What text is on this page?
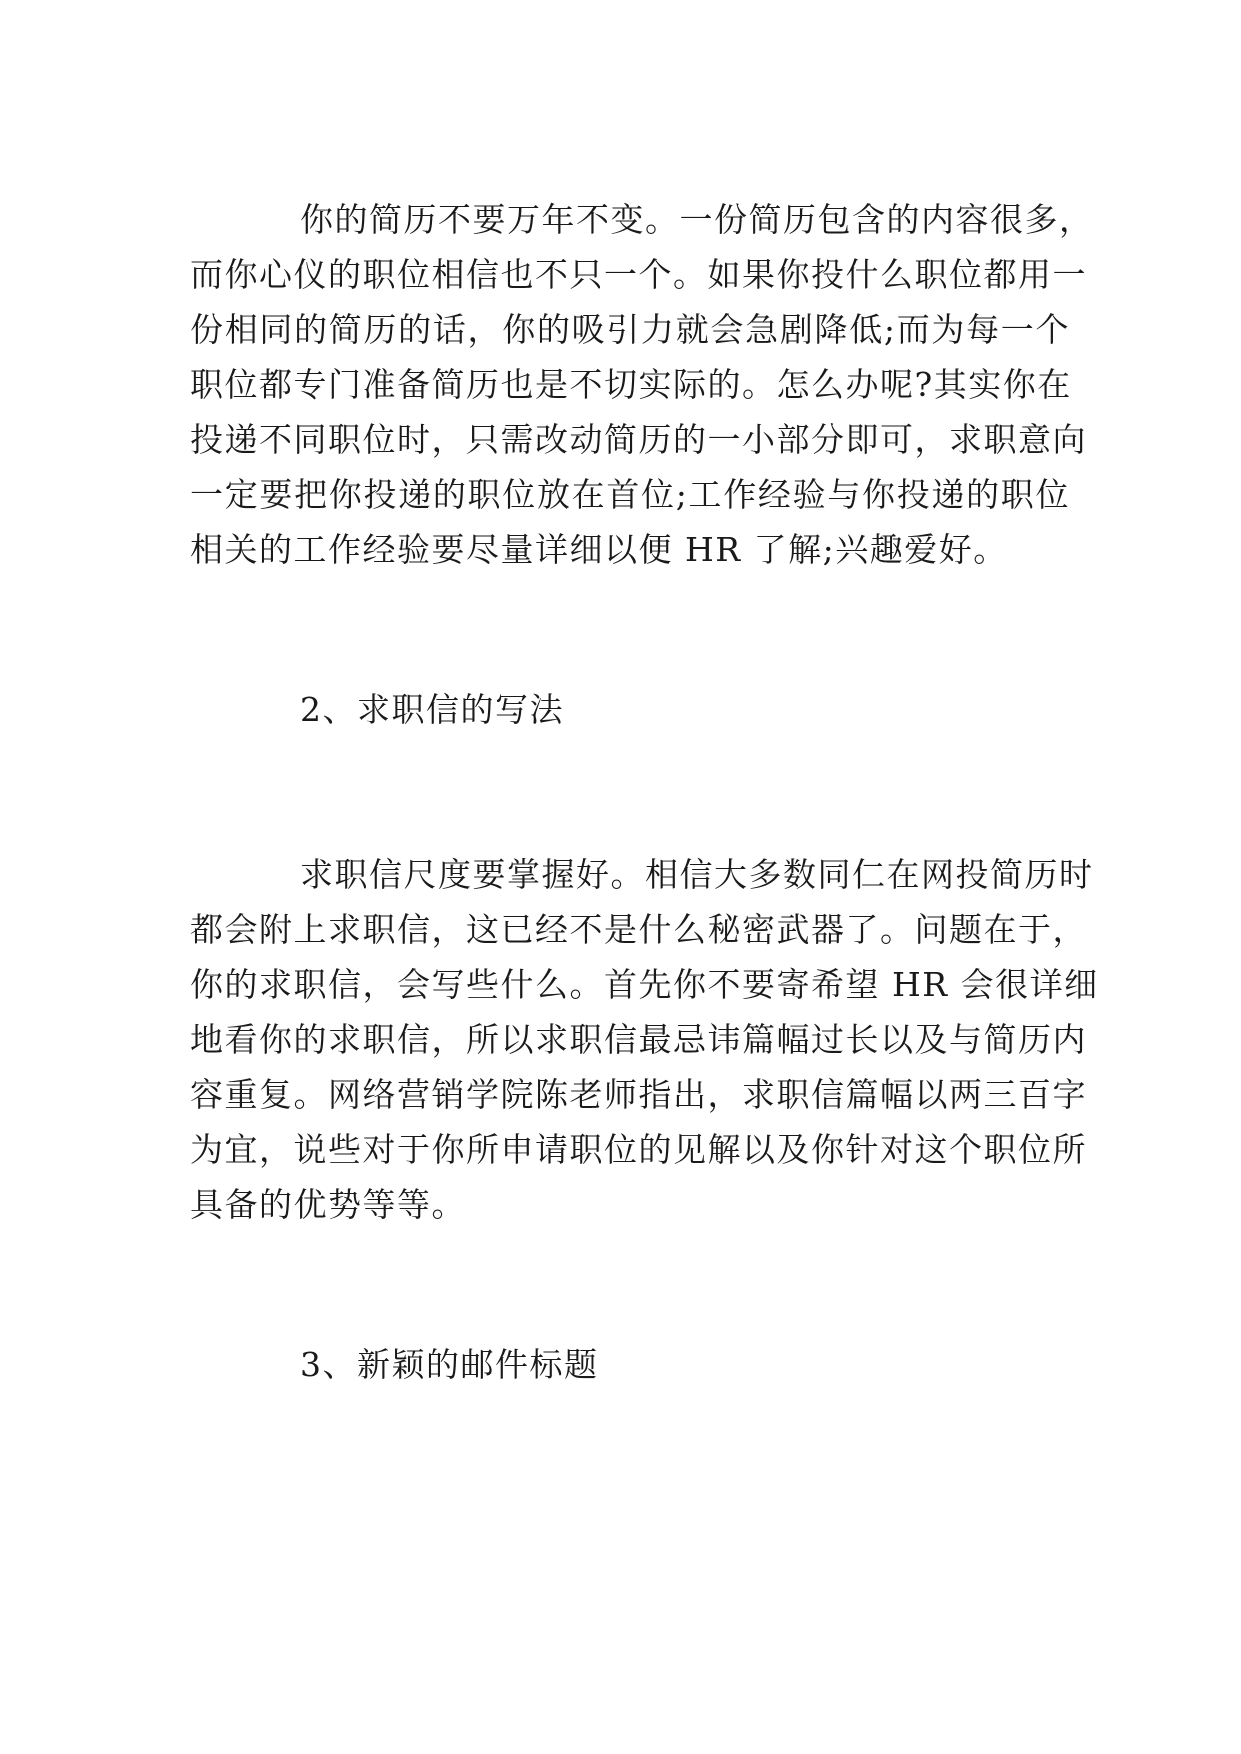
你的简历不要万年不变。一份简历包含的内容很多，
而你心仪的职位相信也不只一个。如果你投什么职位都用一
份相同的简历的话，你的吸引力就会急剧降低;而为每一个
职位都专门准备简历也是不切实际的。怎么办呢?其实你在
投递不同职位时，只需改动简历的一小部分即可，求职意向
一定要把你投递的职位放在首位;工作经验与你投递的职位
相关的工作经验要尽量详细以便 HR 了解;兴趣爱好。
2、求职信的写法
求职信尺度要掌握好。相信大多数同仁在网投简历时
都会附上求职信，这已经不是什么秘密武器了。问题在于，
你的求职信，会写些什么。首先你不要寄希望 HR 会很详细
地看你的求职信，所以求职信最忌讳篇幅过长以及与简历内
容重复。网络营销学院陈老师指出，求职信篇幅以两三百字
为宜，说些对于你所申请职位的见解以及你针对这个职位所
具备的优势等等。
3、新颖的邮件标题
